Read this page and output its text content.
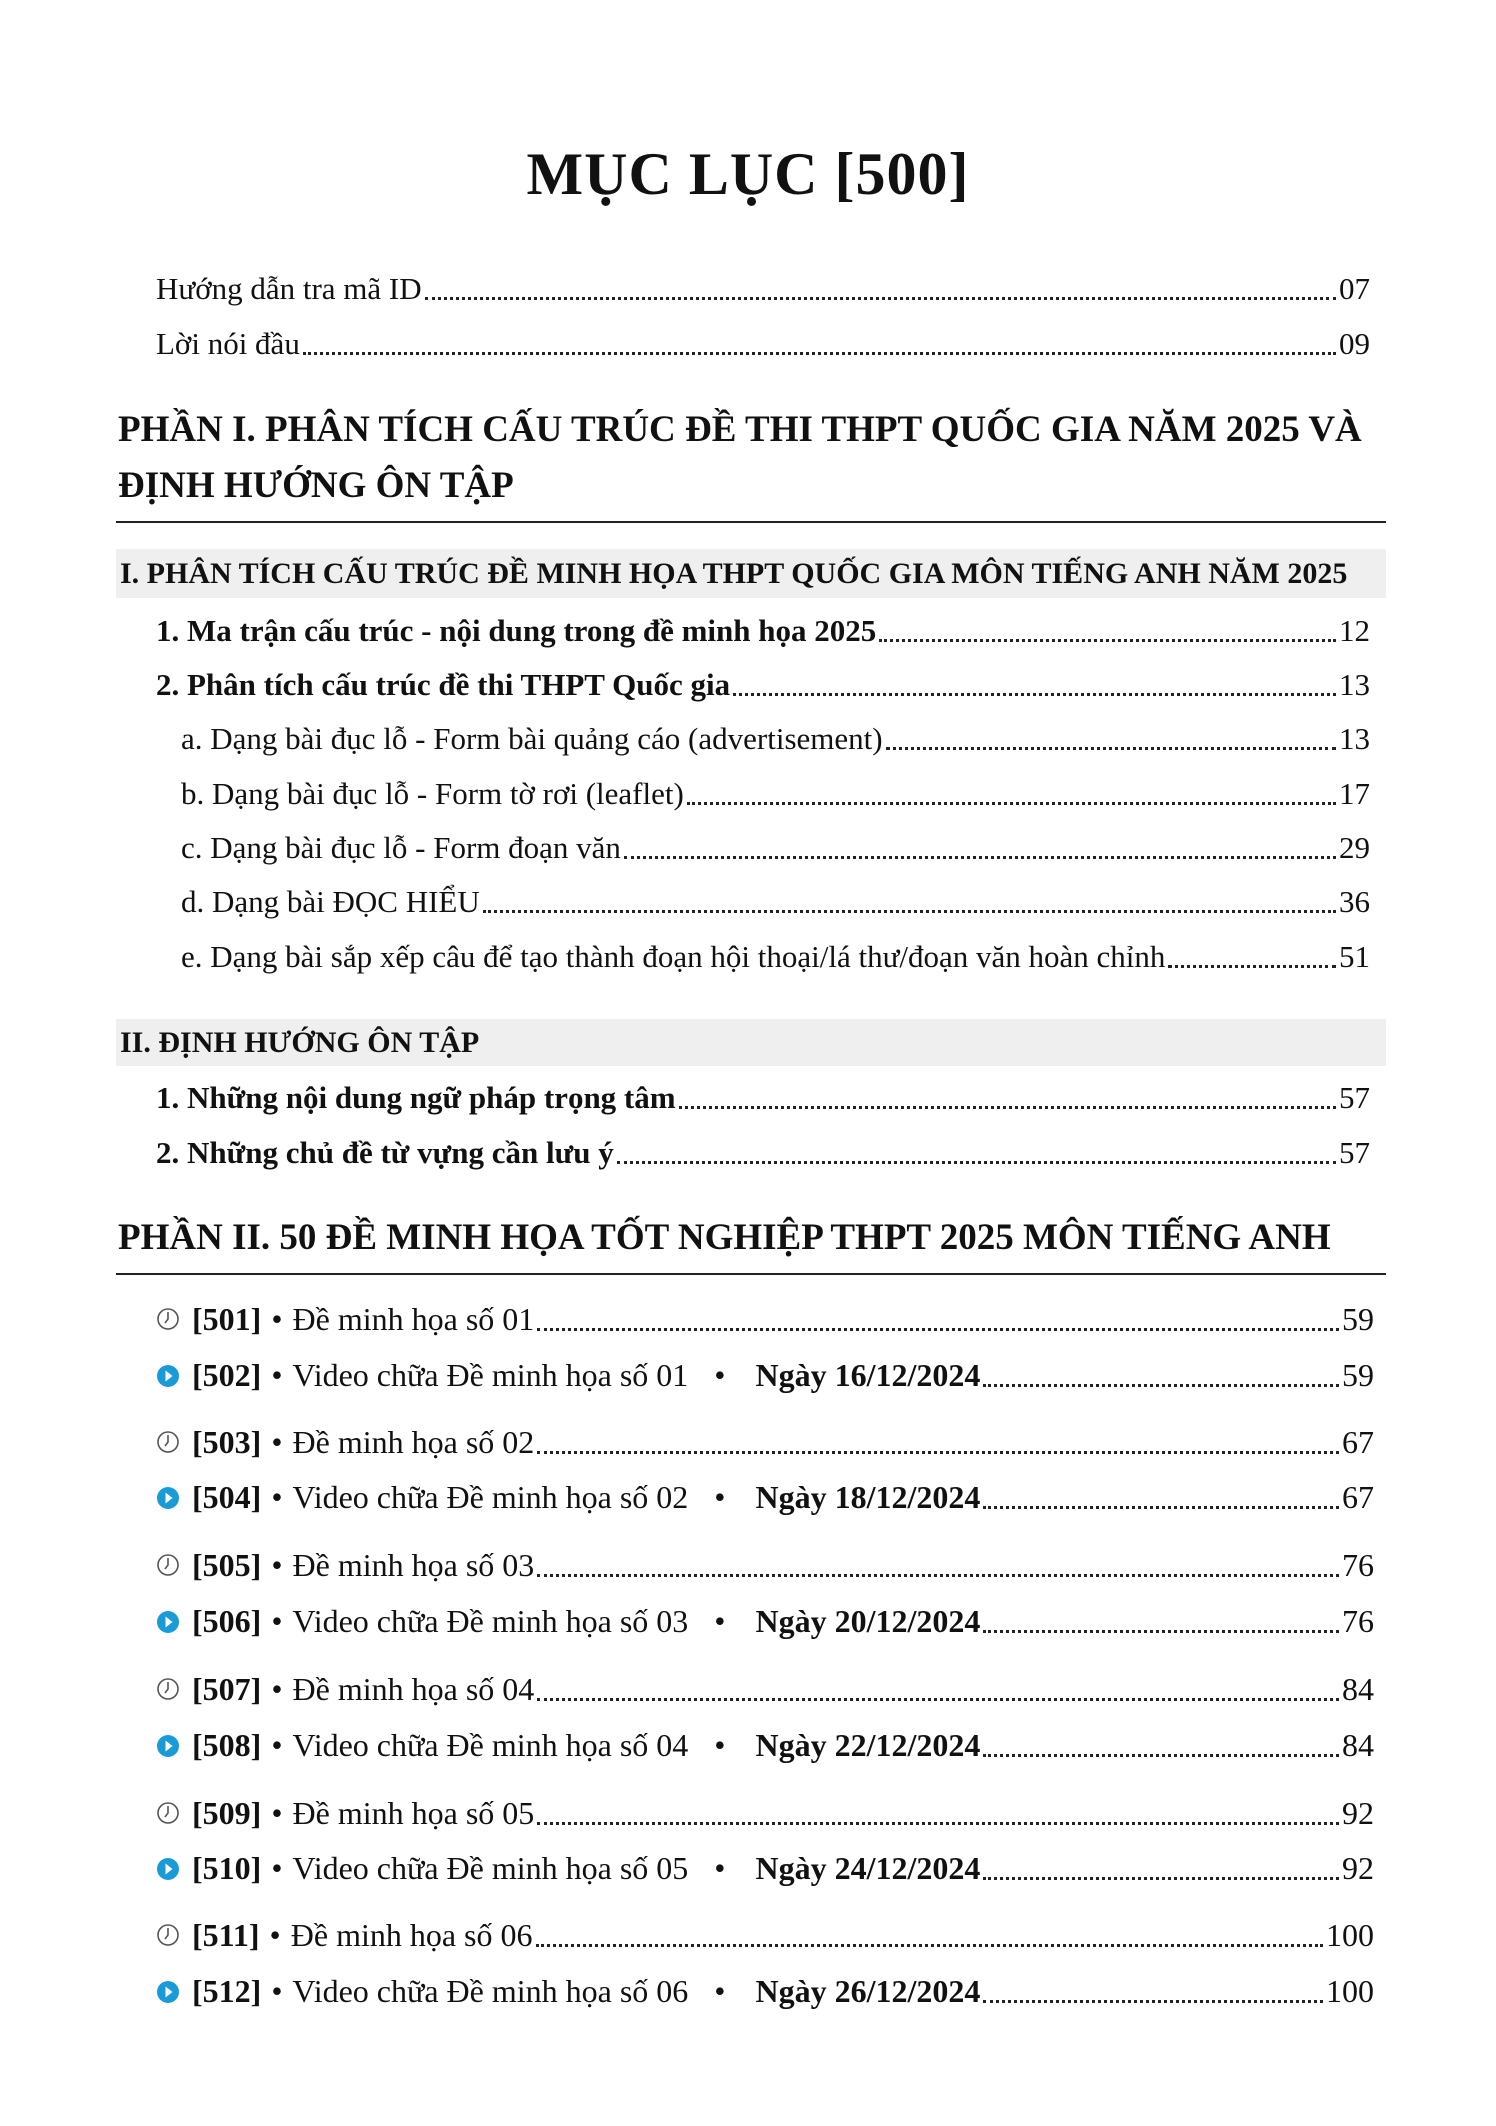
MỤC LỤC [500]
Hướng dẫn tra mã ID	07
Lời nói đầu	09
PHẦN I. PHÂN TÍCH CẤU TRÚC ĐỀ THI THPT QUỐC GIA NĂM 2025 VÀ
ĐỊNH HƯỚNG ÔN TẬP
I. PHÂN TÍCH CẤU TRÚC ĐỀ MINH HỌA THPT QUỐC GIA MÔN TIẾNG ANH NĂM 2025
1. Ma trận cấu trúc - nội dung trong đề minh họa 2025	12
2. Phân tích cấu trúc đề thi THPT Quốc gia	13
a. Dạng bài đục lỗ - Form bài quảng cáo (advertisement)	13
b. Dạng bài đục lỗ - Form tờ rơi (leaflet)	17
c. Dạng bài đục lỗ - Form đoạn văn	29
d. Dạng bài ĐỌC HIỂU	36
e. Dạng bài sắp xếp câu để tạo thành đoạn hội thoại/lá thư/đoạn văn hoàn chỉnh	51
II. ĐỊNH HƯỚNG ÔN TẬP
1. Những nội dung ngữ pháp trọng tâm	57
2. Những chủ đề từ vựng cần lưu ý	57
PHẦN II. 50 ĐỀ MINH HỌA TỐT NGHIỆP THPT 2025 MÔN TIẾNG ANH
[501] • Đề minh họa số 01	59
[502] • Video chữa Đề minh họa số 01 • Ngày 16/12/2024	59
[503] • Đề minh họa số 02	67
[504] • Video chữa Đề minh họa số 02 • Ngày 18/12/2024	67
[505] • Đề minh họa số 03	76
[506] • Video chữa Đề minh họa số 03 • Ngày 20/12/2024	76
[507] • Đề minh họa số 04	84
[508] • Video chữa Đề minh họa số 04 • Ngày 22/12/2024	84
[509] • Đề minh họa số 05	92
[510] • Video chữa Đề minh họa số 05 • Ngày 24/12/2024	92
[511] • Đề minh họa số 06	100
[512] • Video chữa Đề minh họa số 06 • Ngày 26/12/2024	100
